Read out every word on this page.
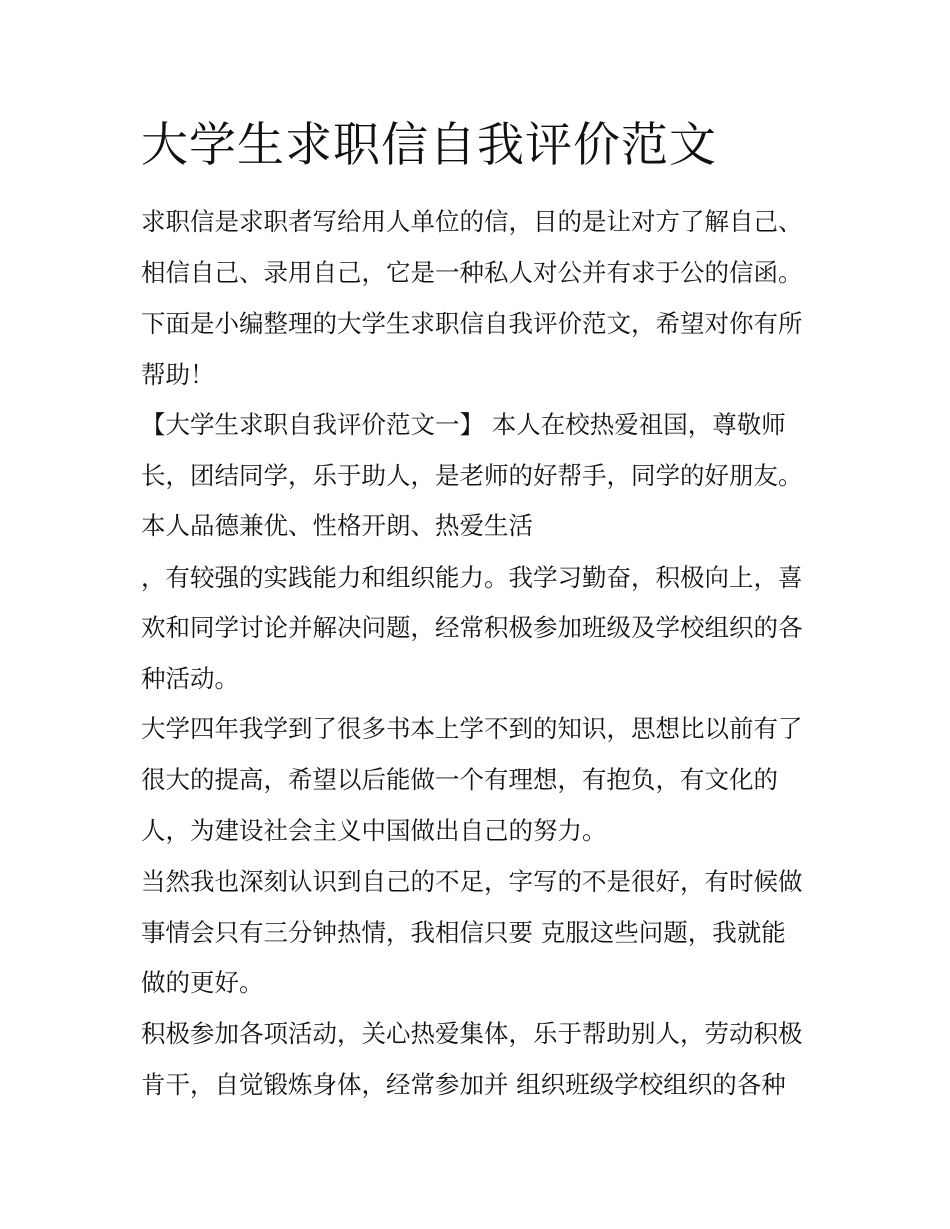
大学生求职信自我评价范文

求职信是求职者写给用人单位的信，目的是让对方了解自己、

相信自己、录用自己，它是一种私人对公并有求于公的信函。

下面是小编整理的大学生求职信自我评价范文，希望对你有所

帮助！

【大学生求职自我评价范文一】 本人在校热爱祖国，尊敬师

长，团结同学，乐于助人，是老师的好帮手，同学的好朋友。

本人品德兼优、性格开朗、热爱生活

，有较强的实践能力和组织能力。我学习勤奋，积极向上，喜

欢和同学讨论并解决问题，经常积极参加班级及学校组织的各

种活动。

大学四年我学到了很多书本上学不到的知识，思想比以前有了

很大的提高，希望以后能做一个有理想，有抱负，有文化的

人，为建设社会主义中国做出自己的努力。

当然我也深刻认识到自己的不足，字写的不是很好，有时候做

事情会只有三分钟热情，我相信只要 克服这些问题，我就能

做的更好。

积极参加各项活动，关心热爱集体，乐于帮助别人，劳动积极

肯干，自觉锻炼身体，经常参加并 组织班级学校组织的各种
